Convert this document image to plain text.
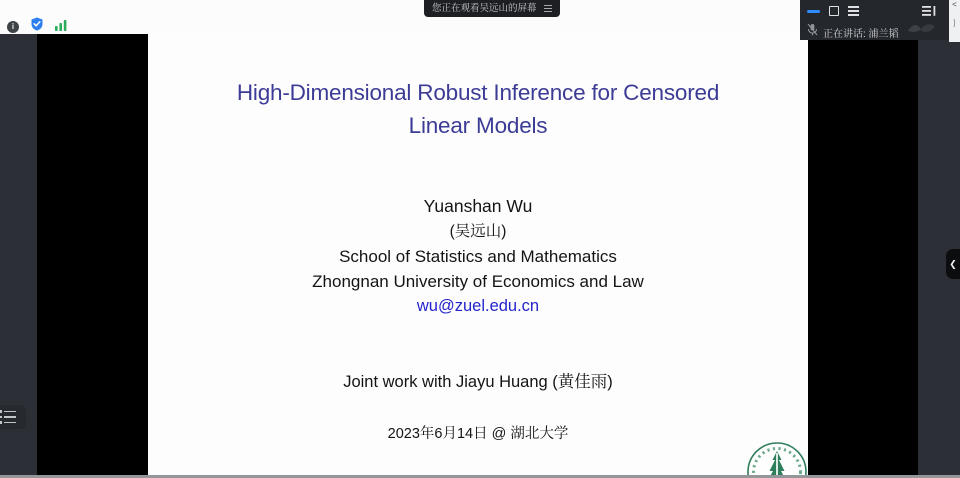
i
您正在观看吴远山的屏幕
High-Dimensional Robust Inference for Censored
Linear Models
Yuanshan Wu
(吴远山)
School of Statistics and Mathematics
Zhongnan University of Economics and Law
wu@zuel.edu.cn
Joint work with Jiayu Huang (黄佳雨)
2023年6月14日 @ 湖北大学
正在讲话: 浦兰韬
<
]
❮
